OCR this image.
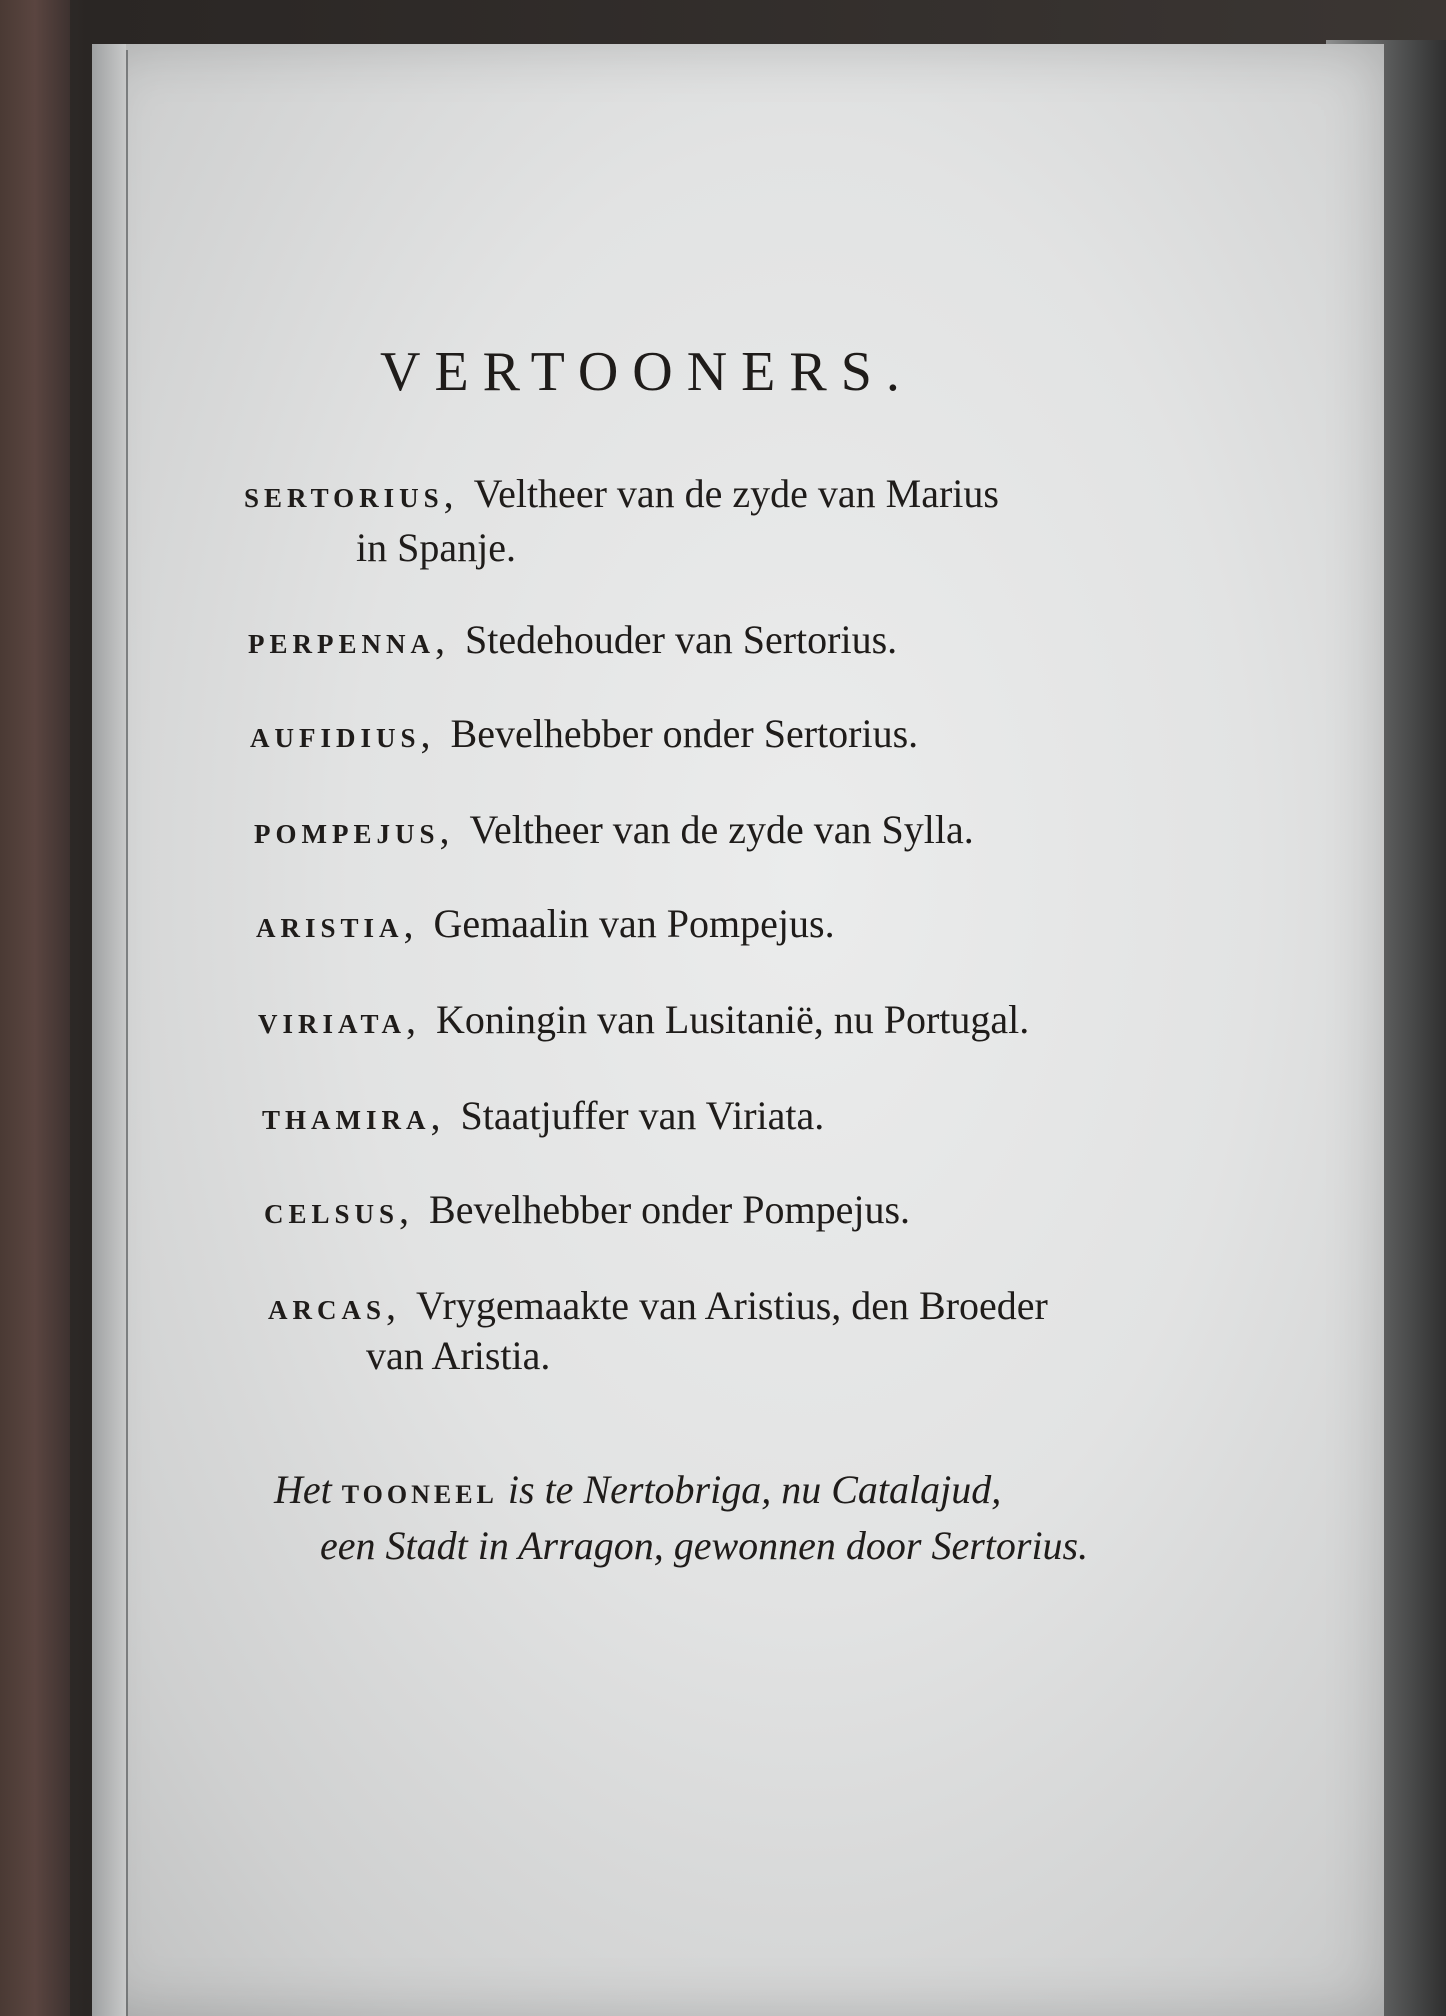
VERTOONERS.
SERTORIUS, Veltheer van de zyde van Marius
in Spanje.
PERPENNA, Stedehouder van Sertorius.
AUFIDIUS, Bevelhebber onder Sertorius.
POMPEJUS, Veltheer van de zyde van Sylla.
ARISTIA, Gemaalin van Pompejus.
VIRIATA, Koningin van Lusitanië, nu Portugal.
THAMIRA, Staatjuffer van Viriata.
CELSUS, Bevelhebber onder Pompejus.
ARCAS, Vrygemaakte van Aristius, den Broeder
van Aristia.
Het TOONEEL is te Nertobriga, nu Catalajud,
een Stadt in Arragon, gewonnen door Sertorius.
